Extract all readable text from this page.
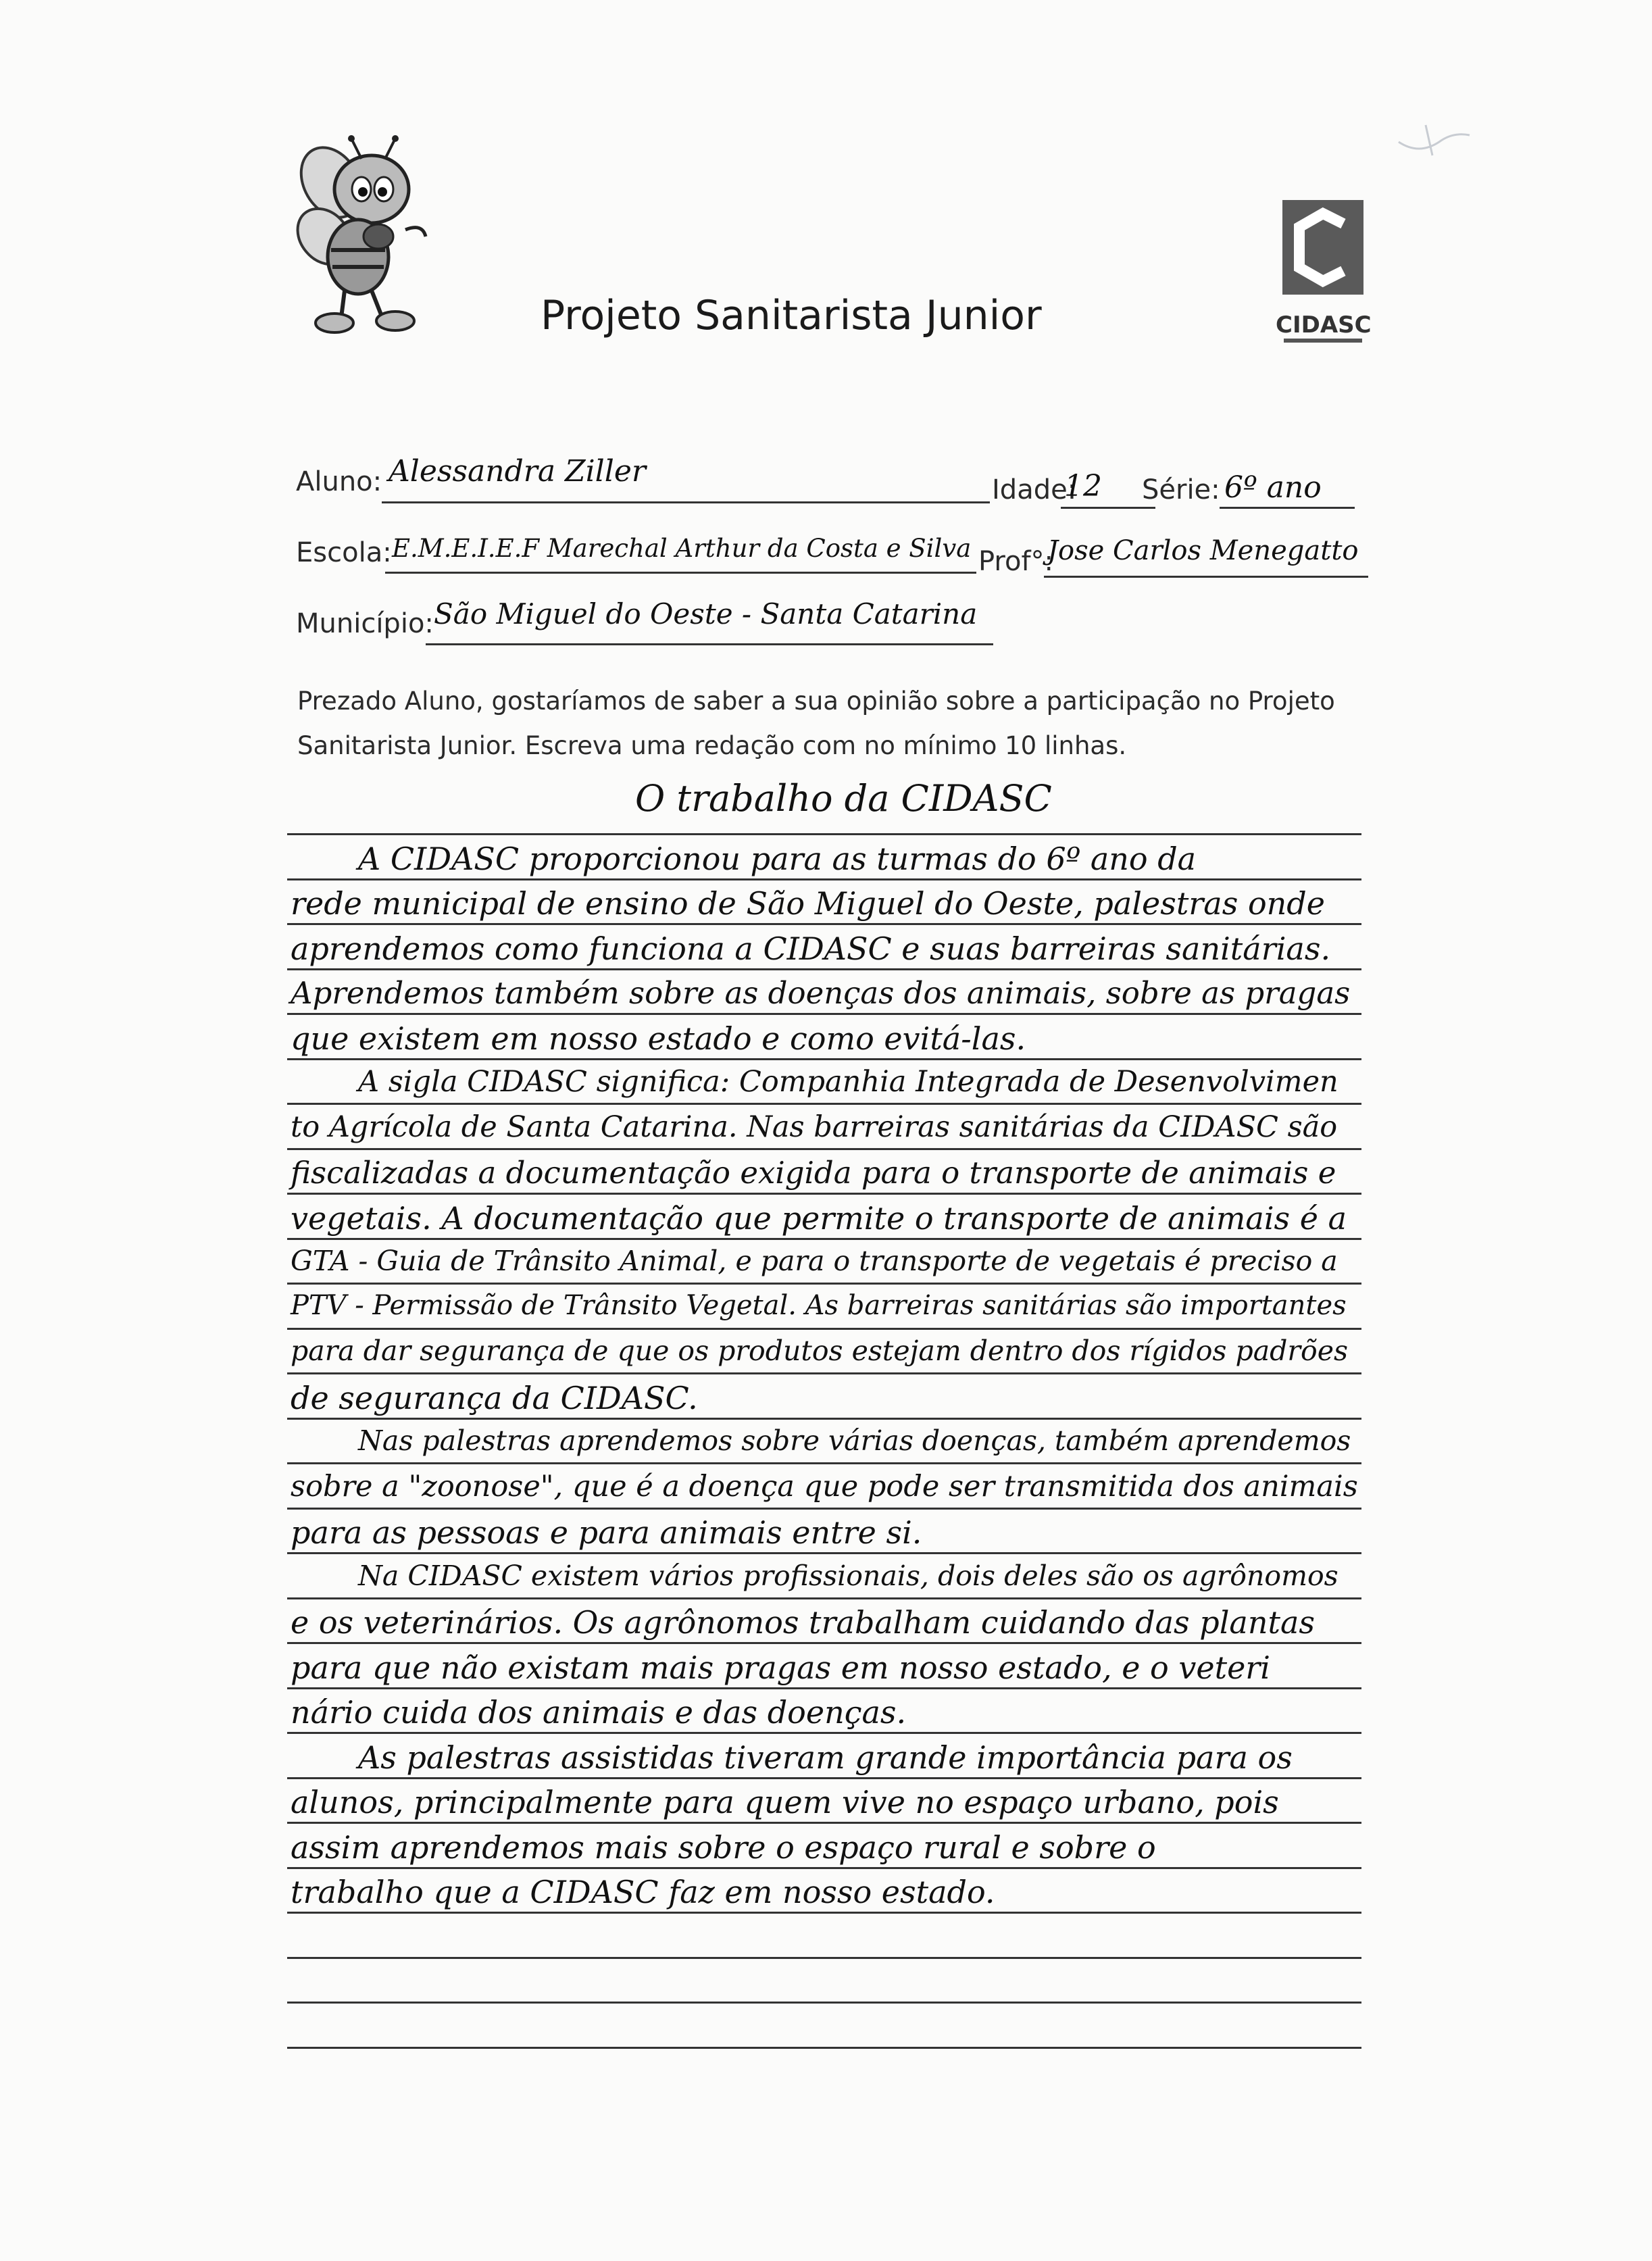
Projeto Sanitarista Junior	CIDASC
Aluno: Alessandra Ziller
Idade:
12 Série: 6º ano
Escola: E.M.E.I.E.F Marechal Arthur da Costa e Silva Prof°:
Jose Carlos Menegatto
Município: São Miguel do Oeste - Santa Catarina
Prezado Aluno, gostaríamos de saber a sua opinião sobre a participação no Projeto Sanitarista Junior. Escreva uma redação com no mínimo 10 linhas.
O trabalho da CIDASC
A CIDASC proporcionou para as turmas do 6º ano da
rede municipal de ensino de São Miguel do Oeste, palestras onde
aprendemos como funciona a CIDASC e suas barreiras sanitárias.
Aprendemos também sobre as doenças dos animais, sobre as pragas
que existem em nosso estado e como evitá-las.
A sigla CIDASC significa: Companhia Integrada de Desenvolvimen
to Agrícola de Santa Catarina. Nas barreiras sanitárias da CIDASC são
fiscalizadas a documentação exigida para o transporte de animais e
vegetais. A documentação que permite o transporte de animais é a
GTA - Guia de Trânsito Animal, e para o transporte de vegetais é preciso a
PTV - Permissão de Trânsito Vegetal. As barreiras sanitárias são importantes
para dar segurança de que os produtos estejam dentro dos rígidos padrões
de segurança da CIDASC.
Nas palestras aprendemos sobre várias doenças, também aprendemos
sobre a "zoonose", que é a doença que pode ser transmitida dos animais
para as pessoas e para animais entre si.
Na CIDASC existem vários profissionais, dois deles são os agrônomos
e os veterinários. Os agrônomos trabalham cuidando das plantas
para que não existam mais pragas em nosso estado, e o veteri
nário cuida dos animais e das doenças.
As palestras assistidas tiveram grande importância para os
alunos, principalmente para quem vive no espaço urbano, pois
assim aprendemos mais sobre o espaço rural e sobre o
trabalho que a CIDASC faz em nosso estado.
